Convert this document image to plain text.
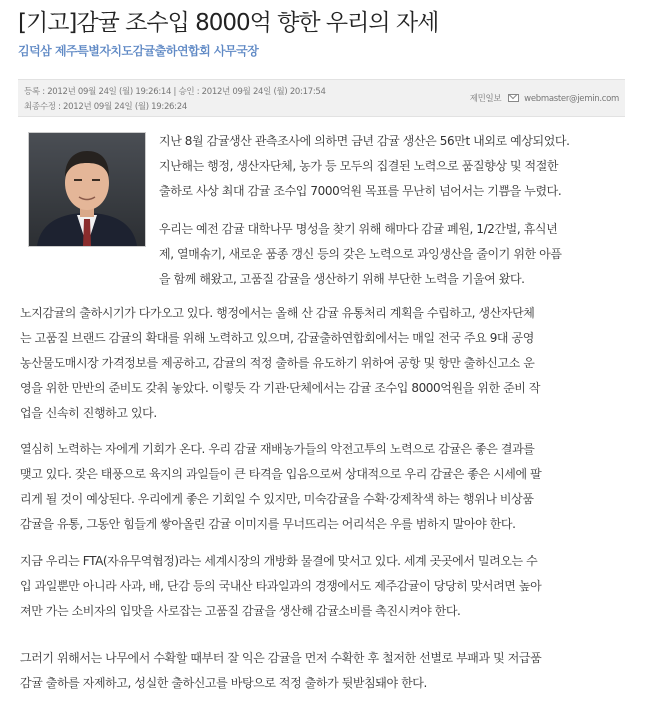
[기고]감귤 조수입 8000억 향한 우리의 자세
김덕삼 제주특별자치도감귤출하연합회 사무국장
등록 : 2012년 09월 24일 (월) 19:26:14 | 승인 : 2012년 09월 24일 (월) 20:17:54
최종수정 : 2012년 09월 24일 (월) 19:26:24
제민일보	webmaster@jemin.com
지난 8월 감귤생산 관측조사에 의하면 금년 감귤 생산은 56만t 내외로 예상되었다.
지난해는 행정, 생산자단체, 농가 등 모두의 집결된 노력으로 품질향상 및 적절한
출하로 사상 최대 감귤 조수입 7000억원 목표를 무난히 넘어서는 기쁨을 누렸다.
우리는 예전 감귤 대학나무 명성을 찾기 위해 해마다 감귤 폐원, 1/2간벌, 휴식년
제, 열매솎기, 새로운 품종 갱신 등의 갖은 노력으로 과잉생산을 줄이기 위한 아픔
을 함께 해왔고, 고품질 감귤을 생산하기 위해 부단한 노력을 기울여 왔다.
노지감귤의 출하시기가 다가오고 있다. 행정에서는 올해 산 감귤 유통처리 계획을 수립하고, 생산자단체
는 고품질 브랜드 감귤의 확대를 위해 노력하고 있으며, 감귤출하연합회에서는 매일 전국 주요 9대 공영
농산물도매시장 가격정보를 제공하고, 감귤의 적정 출하를 유도하기 위하여 공항 및 항만 출하신고소 운
영을 위한 만반의 준비도 갖춰 놓았다. 이렇듯 각 기관·단체에서는 감귤 조수입 8000억원을 위한 준비 작
업을 신속히 진행하고 있다.
열심히 노력하는 자에게 기회가 온다. 우리 감귤 재배농가들의 악전고투의 노력으로 감귤은 좋은 결과를
맺고 있다. 잦은 태풍으로 육지의 과일들이 큰 타격을 입음으로써 상대적으로 우리 감귤은 좋은 시세에 팔
리게 될 것이 예상된다. 우리에게 좋은 기회일 수 있지만, 미숙감귤을 수확·강제착색 하는 행위나 비상품
감귤을 유통, 그동안 힘들게 쌓아올린 감귤 이미지를 무너뜨리는 어리석은 우를 범하지 말아야 한다.
지금 우리는 FTA(자유무역협정)라는 세계시장의 개방화 물결에 맞서고 있다. 세계 곳곳에서 밀려오는 수
입 과일뿐만 아니라 사과, 배, 단감 등의 국내산 타과일과의 경쟁에서도 제주감귤이 당당히 맞서려면 높아
져만 가는 소비자의 입맛을 사로잡는 고품질 감귤을 생산해 감귤소비를 촉진시켜야 한다.
그러기 위해서는 나무에서 수확할 때부터 잘 익은 감귤을 먼저 수확한 후 철저한 선별로 부패과 및 저급품
감귤 출하를 자제하고, 성실한 출하신고를 바탕으로 적정 출하가 뒷받침돼야 한다.
